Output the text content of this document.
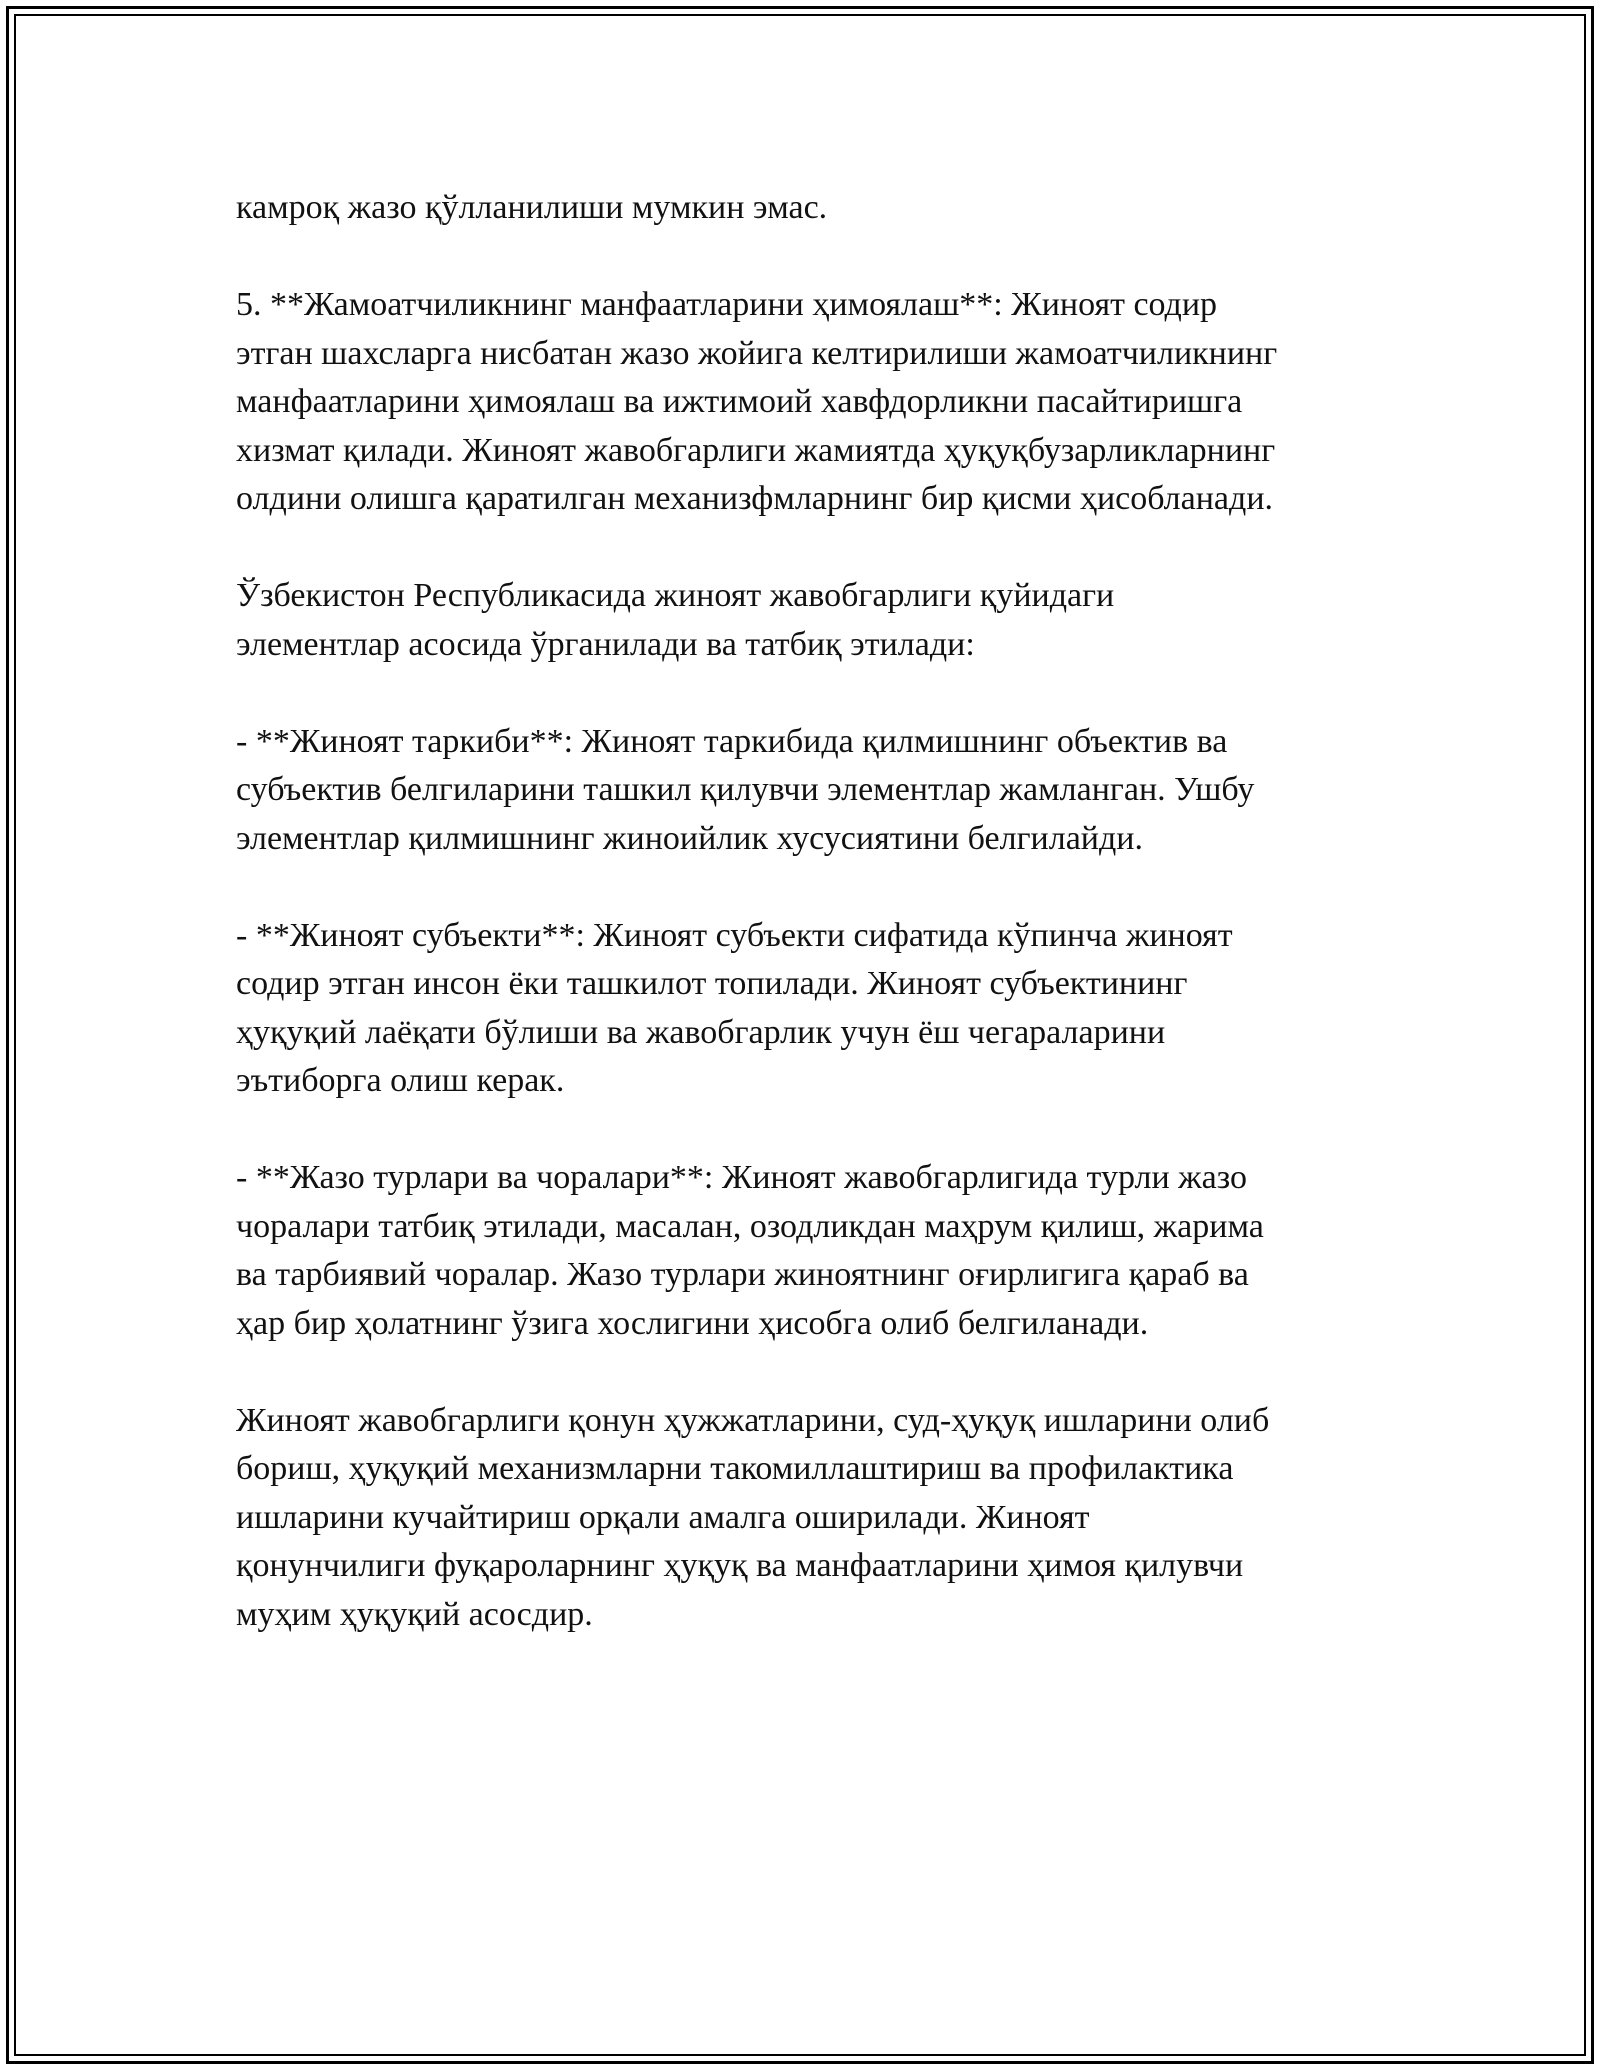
камроқ жазо қўлланилиши мумкин эмас.

5. **Жамоатчиликнинг манфаатларини ҳимоялаш**: Жиноят содир
этган шахсларга нисбатан жазо жойига келтирилиши жамоатчиликнинг
манфаатларини ҳимоялаш ва ижтимоий хавфдорликни пасайтиришга
хизмат қилади. Жиноят жавобгарлиги жамиятда ҳуқуқбузарликларнинг
олдини олишга қаратилган механизфмларнинг бир қисми ҳисобланади.

Ўзбекистон Республикасида жиноят жавобгарлиги қуйидаги
элементлар асосида ўрганилади ва татбиқ этилади:

- **Жиноят таркиби**: Жиноят таркибида қилмишнинг объектив ва
субъектив белгиларини ташкил қилувчи элементлар жамланган. Ушбу
элементлар қилмишнинг жиноийлик хусусиятини белгилайди.

- **Жиноят субъекти**: Жиноят субъекти сифатида кўпинча жиноят
содир этган инсон ёки ташкилот топилади. Жиноят субъектининг
ҳуқуқий лаёқати бўлиши ва жавобгарлик учун ёш чегараларини
эътиборга олиш керак.

- **Жазо турлари ва чоралари**: Жиноят жавобгарлигида турли жазо
чоралари татбиқ этилади, масалан, озодликдан маҳрум қилиш, жарима
ва тарбиявий чоралар. Жазо турлари жиноятнинг оғирлигига қараб ва
ҳар бир ҳолатнинг ўзига хослигини ҳисобга олиб белгиланади.

Жиноят жавобгарлиги қонун ҳужжатларини, суд-ҳуқуқ ишларини олиб
бориш, ҳуқуқий механизмларни такомиллаштириш ва профилактика
ишларини кучайтириш орқали амалга оширилади. Жиноят
қонунчилиги фуқароларнинг ҳуқуқ ва манфаатларини ҳимоя қилувчи
муҳим ҳуқуқий асосдир.
